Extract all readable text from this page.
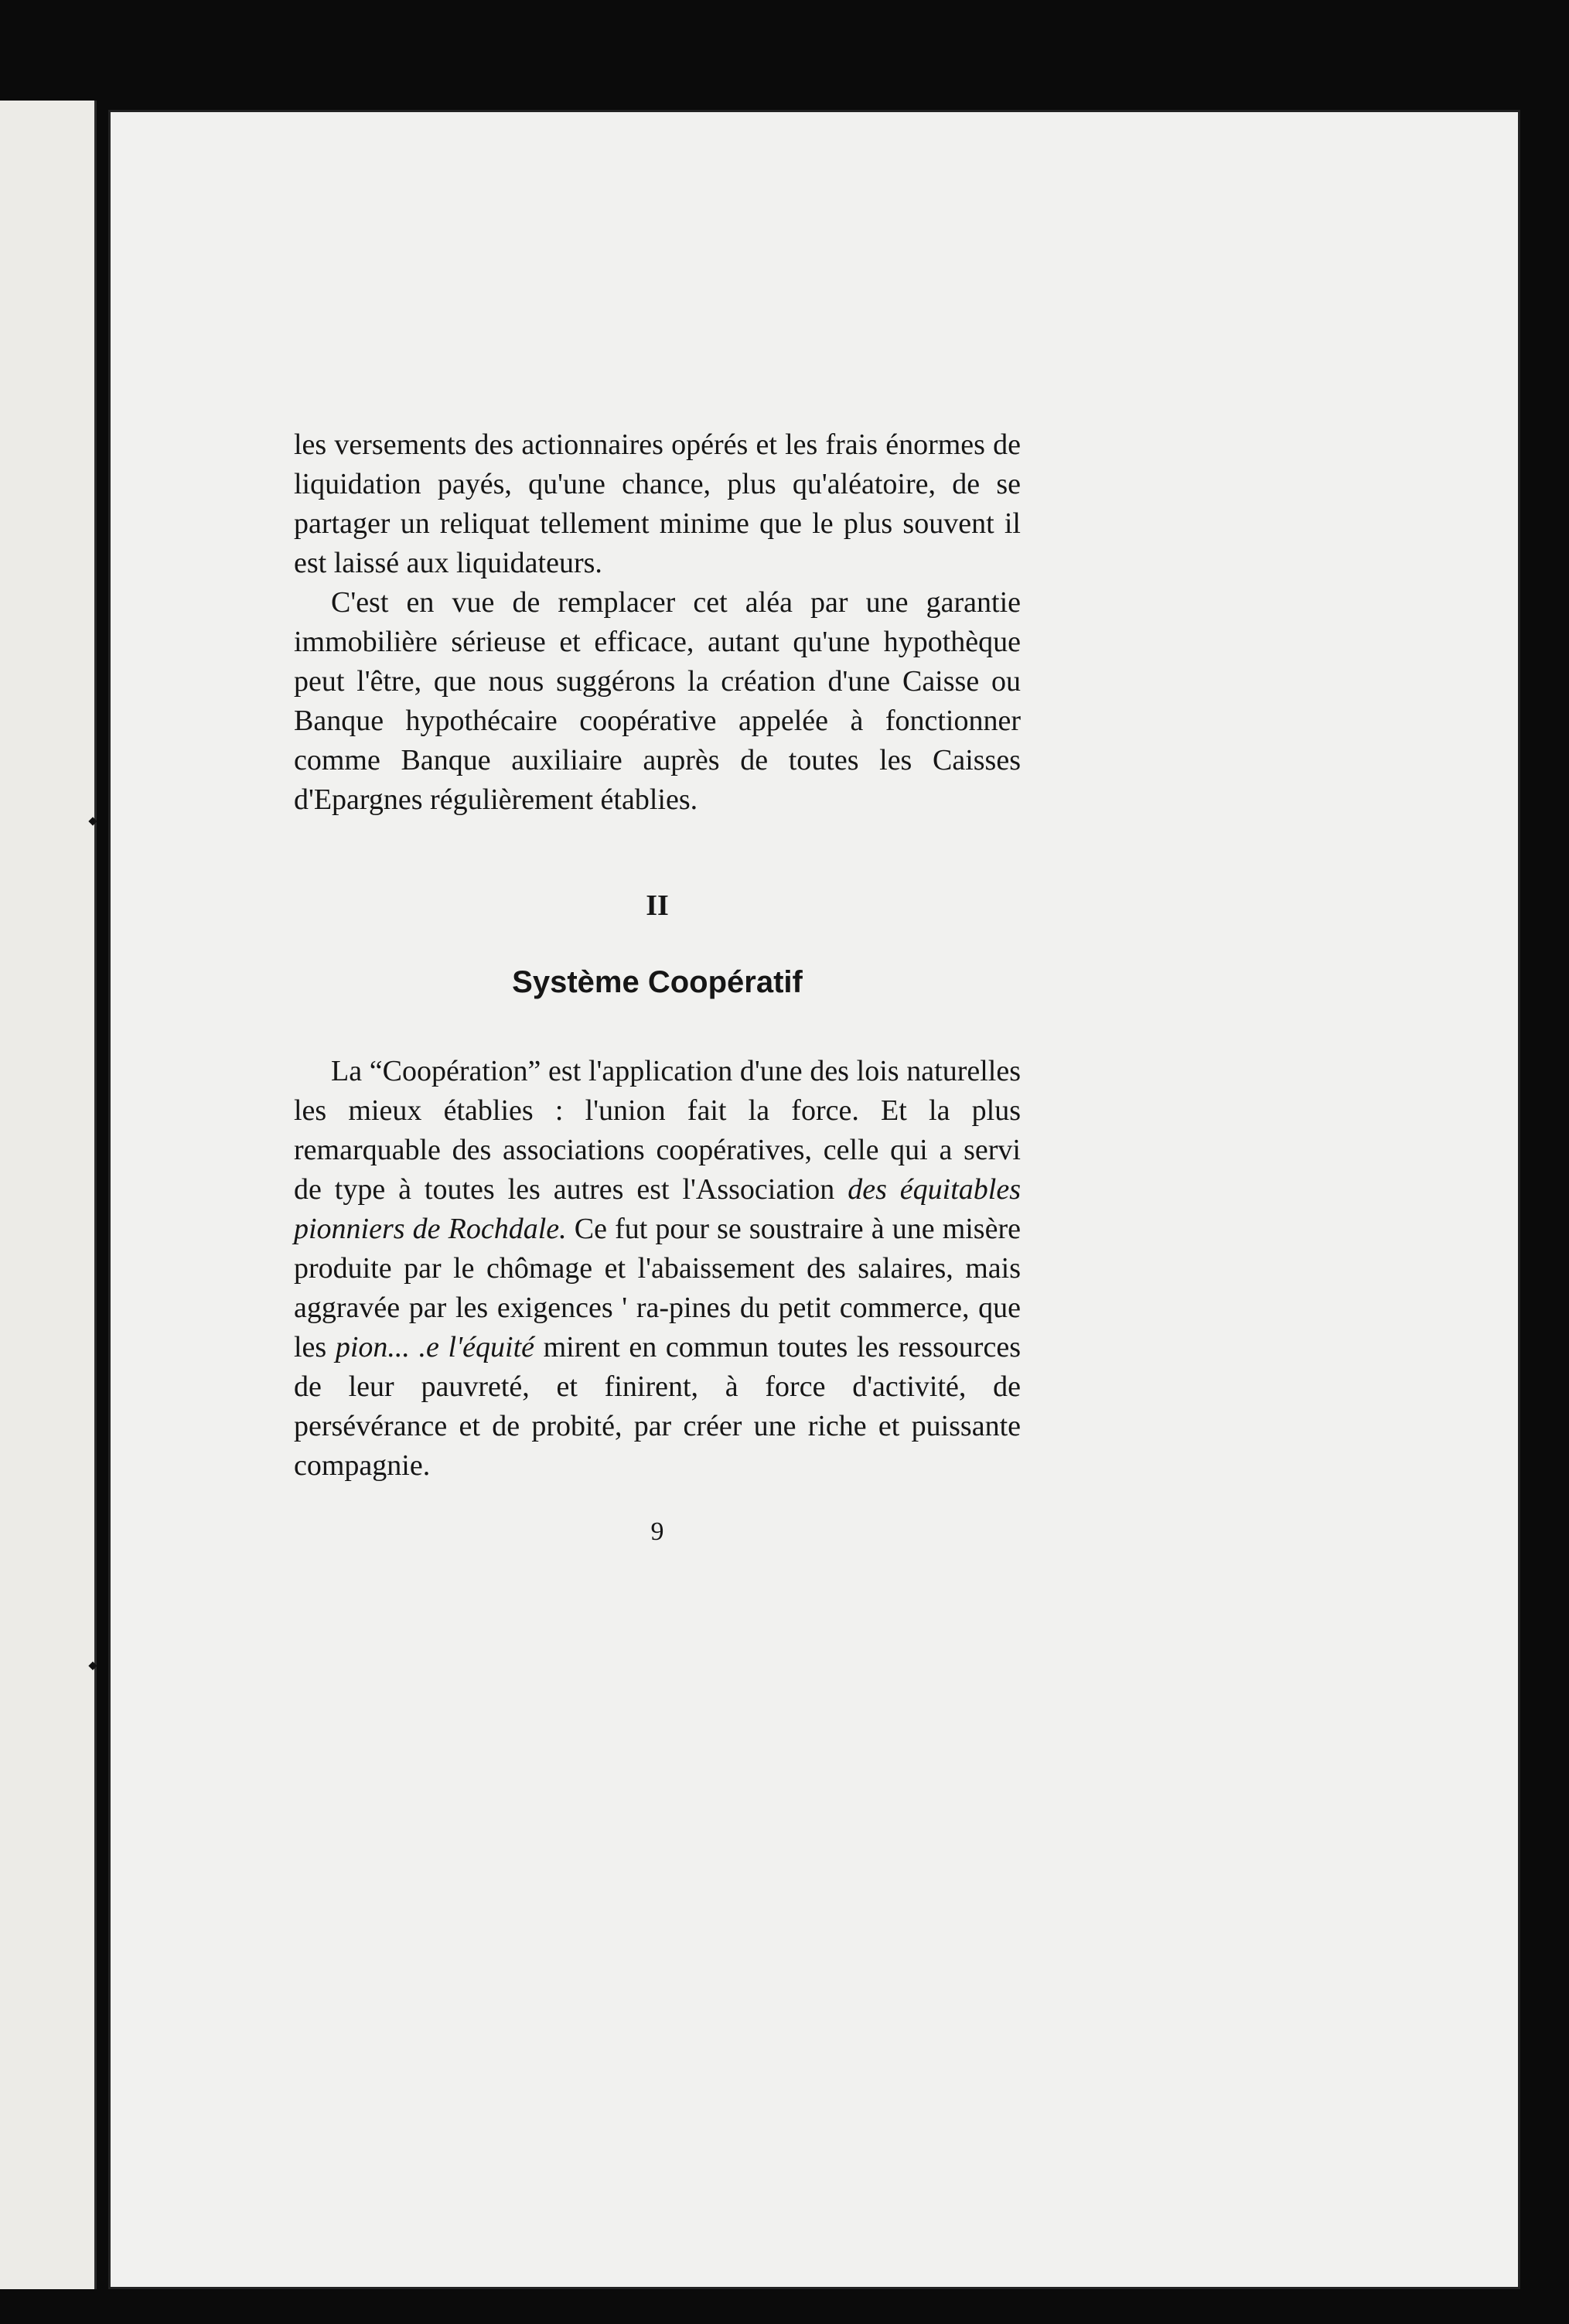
les versements des actionnaires opérés et les frais énormes de liquidation payés, qu'une chance, plus qu'aléatoire, de se partager un reliquat tellement minime que le plus souvent il est laissé aux liquidateurs.

C'est en vue de remplacer cet aléa par une garantie immobilière sérieuse et efficace, autant qu'une hypothèque peut l'être, que nous suggérons la création d'une Caisse ou Banque hypothécaire coopérative appelée à fonctionner comme Banque auxiliaire auprès de toutes les Caisses d'Epargnes régulièrement établies.

II
Système Coopératif

La “Coopération” est l'application d'une des lois naturelles les mieux établies : l'union fait la force. Et la plus remarquable des associations coopératives, celle qui a servi de type à toutes les autres est l'Association des équitables pionniers de Rochdale. Ce fut pour se soustraire à une misère produite par le chômage et l'abaissement des salaires, mais aggravée par les exigences ' ra-pines du petit commerce, que les pion... .e l'équité mirent en commun toutes les ressources de leur pauvreté, et finirent, à force d'activité, de persévérance et de probité, par créer une riche et puissante compagnie.

9
